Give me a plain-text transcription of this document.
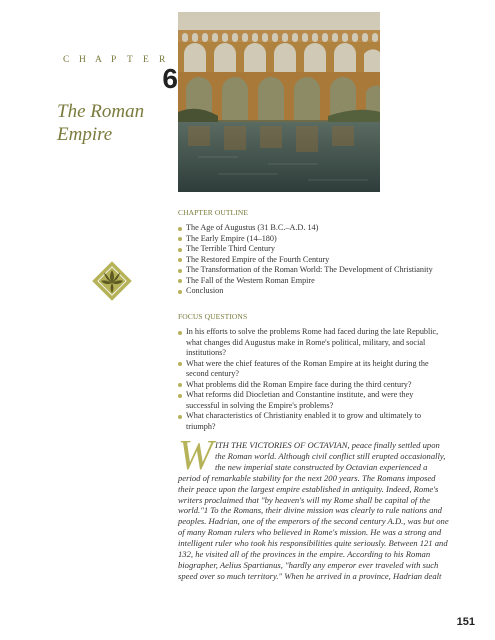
C H A P T E R
6
The Roman Empire
CHAPTER OUTLINE
The Age of Augustus (31 B.C.–A.D. 14)
The Early Empire (14–180)
The Terrible Third Century
The Restored Empire of the Fourth Century
The Transformation of the Roman World: The Development of Christianity
The Fall of the Western Roman Empire
Conclusion
FOCUS QUESTIONS
In his efforts to solve the problems Rome had faced during the late Republic, what changes did Augustus make in Rome's political, military, and social institutions?
What were the chief features of the Roman Empire at its height during the second century?
What problems did the Roman Empire face during the third century?
What reforms did Diocletian and Constantine institute, and were they successful in solving the Empire's problems?
What characteristics of Christianity enabled it to grow and ultimately to triumph?
W ITH THE VICTORIES OF OCTAVIAN, peace finally settled upon the Roman world. Although civil conflict still erupted occasionally, the new imperial state constructed by Octavian experienced a period of remarkable stability for the next 200 years. The Romans imposed their peace upon the largest empire established in antiquity. Indeed, Rome's writers proclaimed that "by heaven's will my Rome shall be capital of the world."1 To the Romans, their divine mission was clearly to rule nations and peoples. Hadrian, one of the emperors of the second century A.D., was but one of many Roman rulers who believed in Rome's mission. He was a strong and intelligent ruler who took his responsibilities quite seriously. Between 121 and 132, he visited all of the provinces in the empire. According to his Roman biographer, Aelius Spartianus, "hardly any emperor ever traveled with such speed over so much territory." When he arrived in a province, Hadrian dealt

151
